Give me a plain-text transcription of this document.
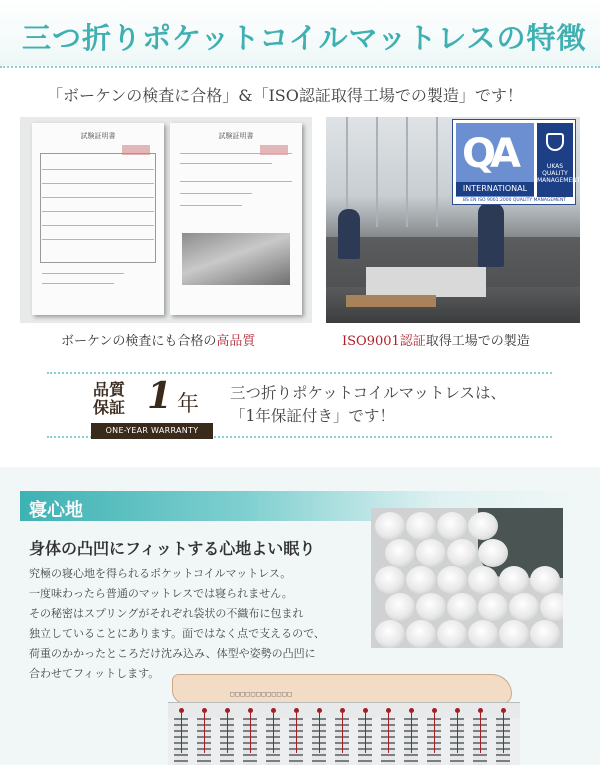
三つ折りポケットコイルマットレスの特徴

「ボーケンの検査に合格」&「ISO認証取得工場での製造」です！

試験証明書	試験証明書	QA
INTERNATIONAL
UKAS QUALITY MANAGEMENT
BS EN ISO 9001:2000 QUALITY MANAGEMENT

ボーケンの検査にも合格の高品質	ISO9001認証取得工場での製造

品質
保証 1 年
ONE-YEAR WARRANTY
三つ折りポケットコイルマットレスは、
「1年保証付き」です！
寝心地
身体の凸凹にフィットする心地よい眠り

究極の寝心地を得られるポケットコイルマットレス。

一度味わったら普通のマットレスでは寝られません。

その秘密はスプリングがそれぞれ袋状の不織布に包まれ

独立していることにあります。面ではなく点で支えるので、

荷重のかかったところだけ沈み込み、体型や姿勢の凸凹に

合わせてフィットします。

□□□□□□□□□□□□
